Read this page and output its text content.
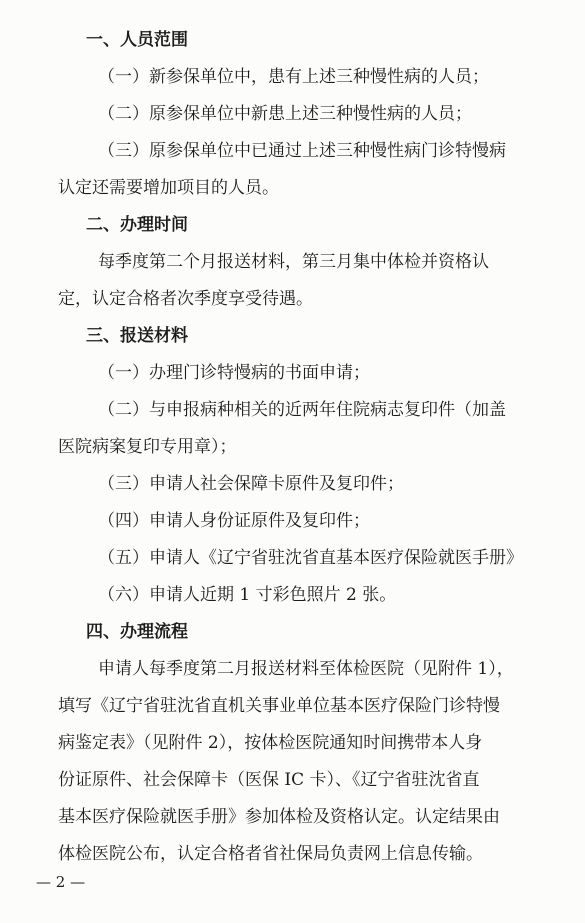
一、人员范围
（一）新参保单位中，患有上述三种慢性病的人员；
（二）原参保单位中新患上述三种慢性病的人员；
（三）原参保单位中已通过上述三种慢性病门诊特慢病
认定还需要增加项目的人员。
二、办理时间
每季度第二个月报送材料，第三月集中体检并资格认
定，认定合格者次季度享受待遇。
三、报送材料
（一）办理门诊特慢病的书面申请；
（二）与申报病种相关的近两年住院病志复印件（加盖
医院病案复印专用章）；
（三）申请人社会保障卡原件及复印件；
（四）申请人身份证原件及复印件；
（五）申请人《辽宁省驻沈省直基本医疗保险就医手册》
（六）申请人近期 1 寸彩色照片 2 张。
四、办理流程
申请人每季度第二月报送材料至体检医院（见附件 1），
填写《辽宁省驻沈省直机关事业单位基本医疗保险门诊特慢
病鉴定表》（见附件 2），按体检医院通知时间携带本人身
份证原件、社会保障卡（医保 IC 卡）、《辽宁省驻沈省直
基本医疗保险就医手册》参加体检及资格认定。认定结果由
体检医院公布，认定合格者省社保局负责网上信息传输。
— 2 —
